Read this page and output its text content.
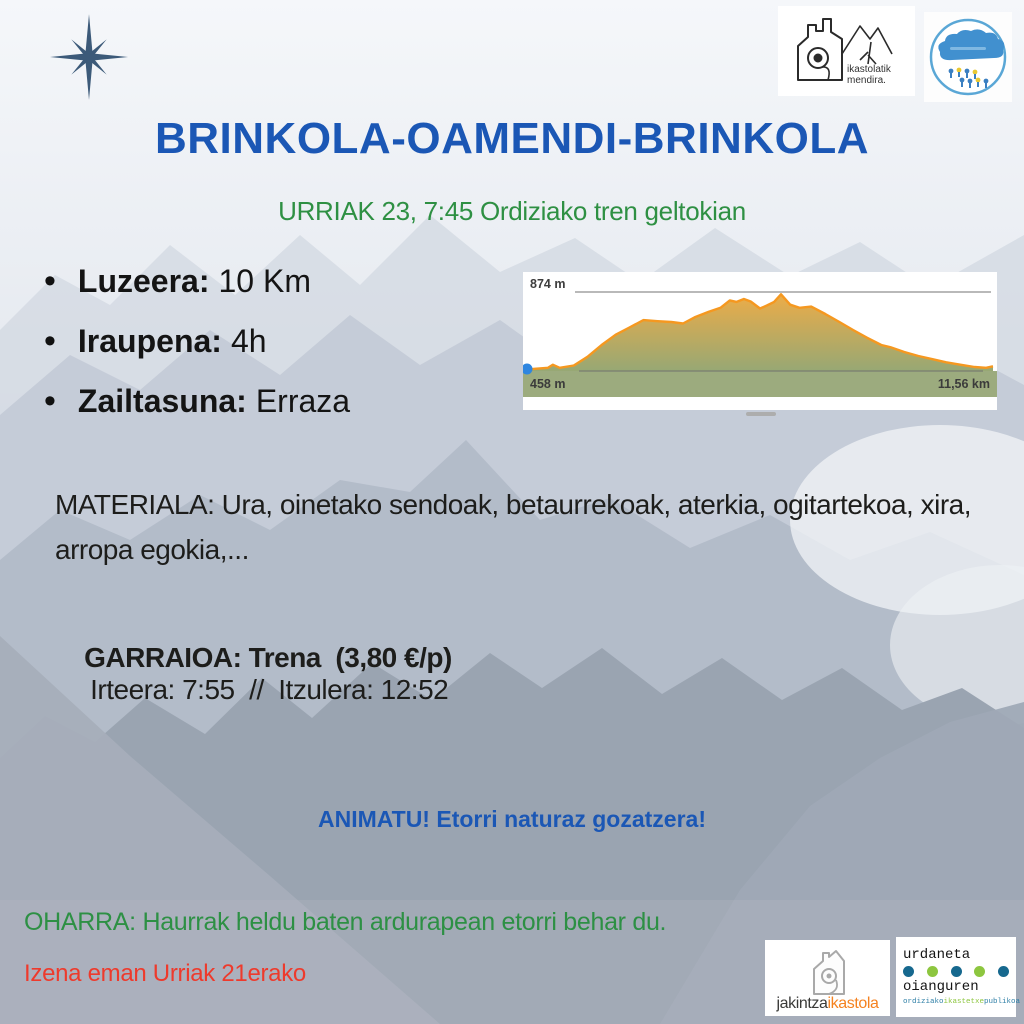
ikastolatik
mendira.
BRINKOLA-OAMENDI-BRINKOLA
URRIAK 23, 7:45 Ordiziako tren geltokian
• Luzeera: 10 Km
• Iraupena: 4h
• Zailtasuna: Erraza
874 m
458 m	11,56 km
MATERIALA: Ura, oinetako sendoak, betaurrekoak, aterkia, ogitartekoa, xira, arropa egokia,...

GARRAIOA: Trena  (3,80 €/p)
Irteera: 7:55  //  Itzulera: 12:52

ANIMATU! Etorri naturaz gozatzera!
OHARRA: Haurrak heldu baten ardurapean etorri behar du.
Izena eman Urriak 21erako
jakintzaikastola
urdaneta
oianguren
ordiziako ikastetxe publikoa
